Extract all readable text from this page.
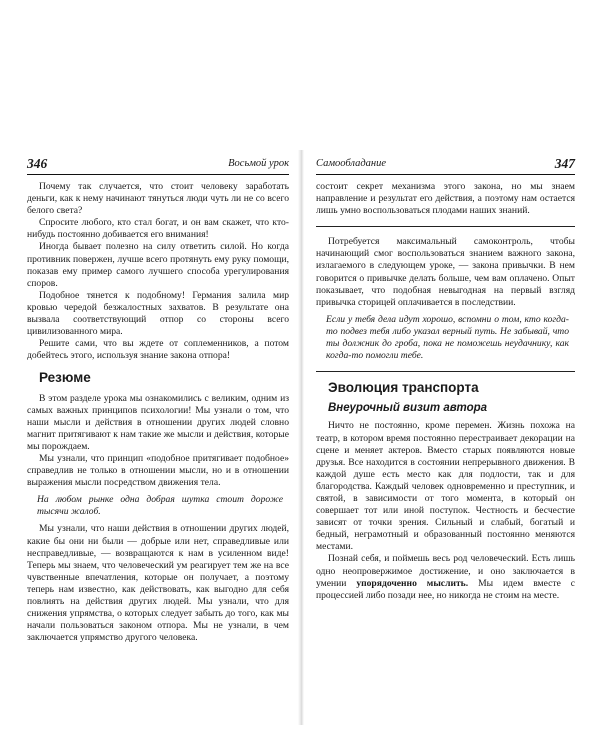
346	Восьмой урок

Почему так случается, что стоит человеку заработать деньги, как к нему начинают тянуться люди чуть ли не со всего белого света?

Спросите любого, кто стал богат, и он вам скажет, что кто-нибудь постоянно добивается его внимания!

Иногда бывает полезно на силу ответить силой. Но когда противник повержен, лучше всего протянуть ему руку помощи, показав ему пример самого лучшего способа урегулирования споров.

Подобное тянется к подобному! Германия залила мир кровью чередой безжалостных захватов. В результате она вызвала соответствующий отпор со стороны всего цивилизованного мира.

Решите сами, что вы ждете от соплеменников, а потом добейтесь этого, используя знание закона отпора!

Резюме

В этом разделе урока мы ознакомились с великим, одним из самых важных принципов психологии! Мы узнали о том, что наши мысли и действия в отношении других людей словно магнит притягивают к нам такие же мысли и действия, которые мы порождаем.

Мы узнали, что принцип «подобное притягивает подобное» справедлив не только в отношении мысли, но и в отношении выражения мысли посредством движения тела.

На любом рынке одна добрая шутка стоит дороже тысячи жалоб.

Мы узнали, что наши действия в отношении других людей, какие бы они ни были — добрые или нет, справедливые или несправедливые, — возвращаются к нам в усиленном виде! Теперь мы знаем, что человеческий ум реагирует тем же на все чувственные впечатления, которые он получает, а поэтому теперь нам известно, как действовать, как выгодно для себя повлиять на действия других людей. Мы узнали, что для снижения упрямства, о которых следует забыть до того, как мы начали пользоваться законом отпора. Мы не узнали, в чем заключается упрямство другого человека.

Самообладание	347

состоит секрет механизма этого закона, но мы знаем направление и результат его действия, а поэтому нам остается лишь умно воспользоваться плодами наших знаний.

Потребуется максимальный самоконтроль, чтобы начинающий смог воспользоваться знанием важного закона, излагаемого в следующем уроке, — закона привычки. В нем говорится о привычке делать больше, чем вам оплачено. Опыт показывает, что подобная невыгодная на первый взгляд привычка сторицей оплачивается в последствии.

Если у тебя дела идут хорошо, вспомни о том, кто когда-то подвез тебя либо указал верный путь. Не забывай, что ты должник до гроба, пока не поможешь неудачнику, как когда-то помогли тебе.

Эволюция транспорта
Внеурочный визит автора

Ничто не постоянно, кроме перемен. Жизнь похожа на театр, в котором время постоянно перестраивает декорации на сцене и меняет актеров. Вместо старых появляются новые друзья. Все находится в состоянии непрерывного движения. В каждой душе есть место как для подлости, так и для благородства. Каждый человек одновременно и преступник, и святой, в зависимости от того момента, в который он совершает тот или иной поступок. Честность и бесчестие зависят от точки зрения. Сильный и слабый, богатый и бедный, неграмотный и образованный постоянно меняются местами.

Познай себя, и поймешь весь род человеческий. Есть лишь одно неопровержимое достижение, и оно заключается в умении упорядоченно мыслить. Мы идем вместе с процессией либо позади нее, но никогда не стоим на месте.
